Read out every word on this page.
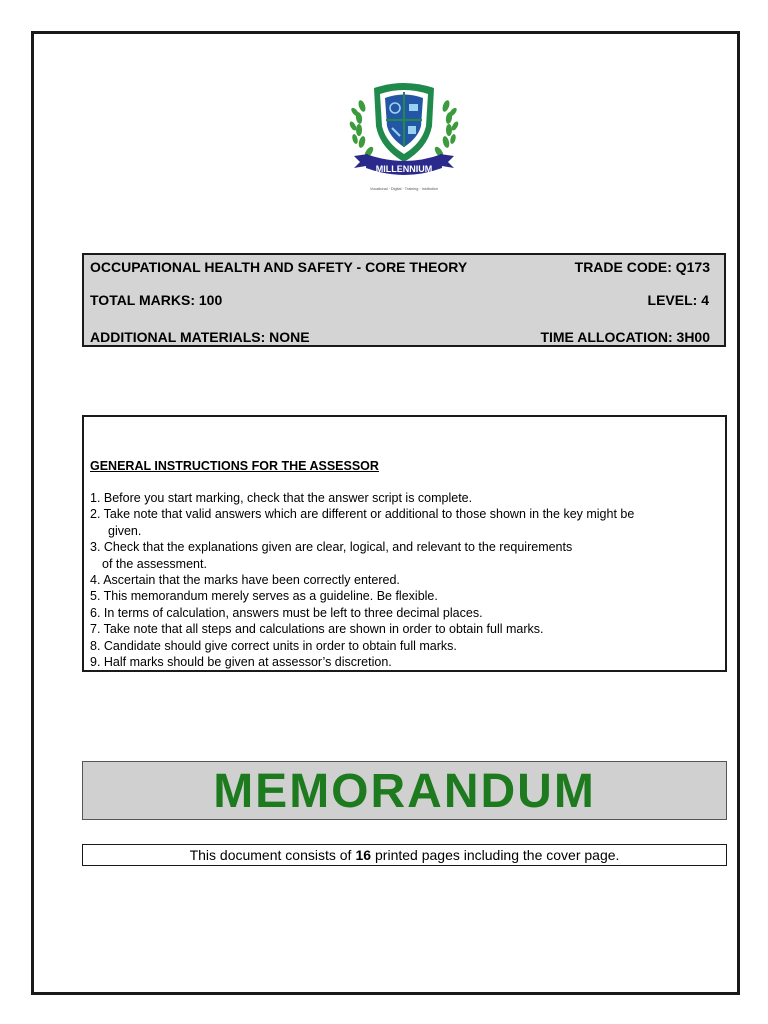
MILLENNIUM
Vocational · Digital · Training · Institution
OCCUPATIONAL HEALTH AND SAFETY - CORE THEORY	TRADE CODE: Q173
TOTAL MARKS: 100	LEVEL: 4
ADDITIONAL MATERIALS: NONE	TIME ALLOCATION: 3H00
GENERAL INSTRUCTIONS FOR THE ASSESSOR
1. Before you start marking, check that the answer script is complete.
2. Take note that valid answers which are different or additional to those shown in the key might be
given.
3. Check that the explanations given are clear, logical, and relevant to the requirements
of the assessment.
4. Ascertain that the marks have been correctly entered.
5. This memorandum merely serves as a guideline. Be flexible.
6. In terms of calculation, answers must be left to three decimal places.
7. Take note that all steps and calculations are shown in order to obtain full marks.
8. Candidate should give correct units in order to obtain full marks.
9. Half marks should be given at assessor’s discretion.
MEMORANDUM
This document consists of 16 printed pages including the cover page.
